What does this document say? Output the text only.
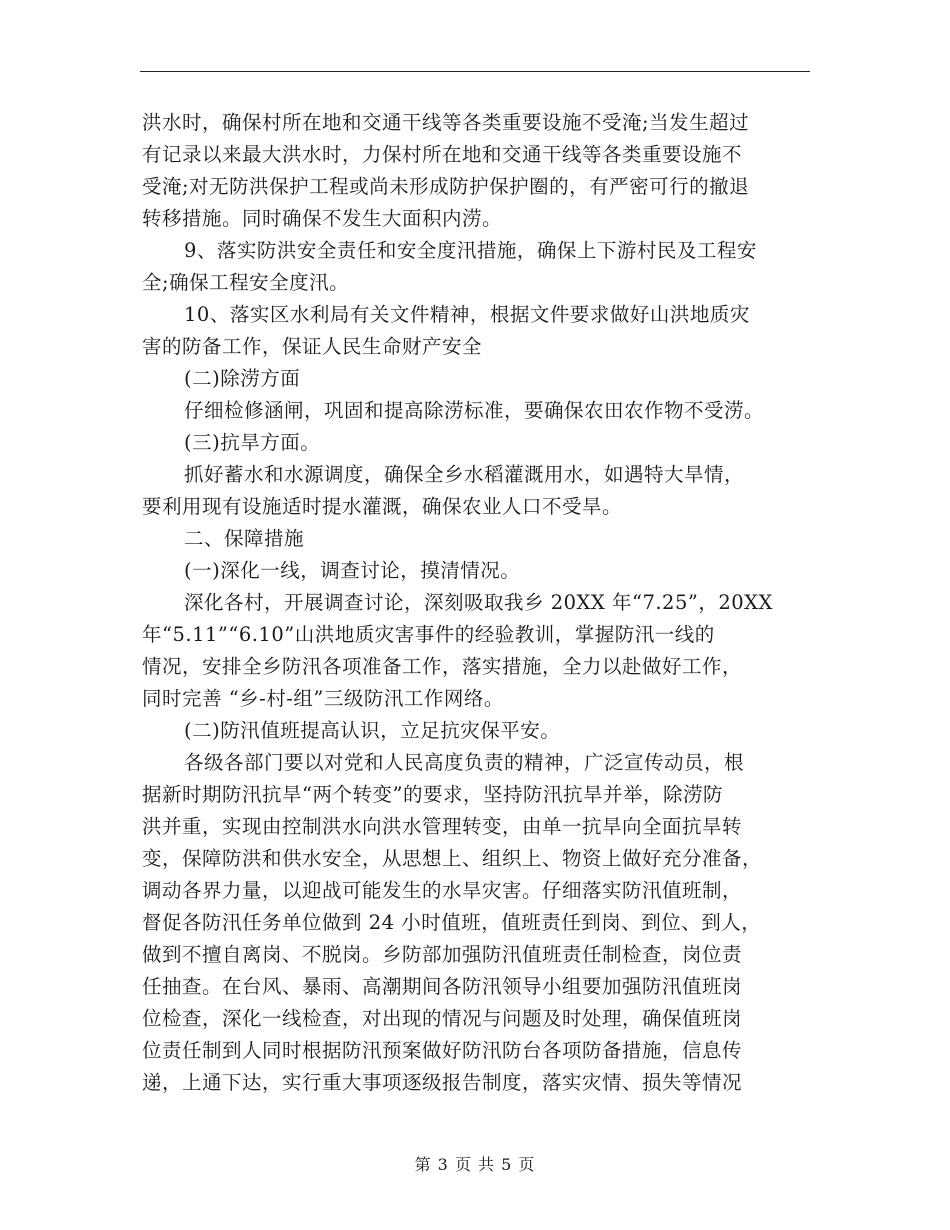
洪水时，确保村所在地和交通干线等各类重要设施不受淹;当发生超过
有记录以来最大洪水时，力保村所在地和交通干线等各类重要设施不
受淹;对无防洪保护工程或尚未形成防护保护圈的，有严密可行的撤退
转移措施。同时确保不发生大面积内涝。
9、落实防洪安全责任和安全度汛措施，确保上下游村民及工程安
全;确保工程安全度汛。
10、落实区水利局有关文件精神，根据文件要求做好山洪地质灾
害的防备工作，保证人民生命财产安全
(二)除涝方面
仔细检修涵闸，巩固和提高除涝标准，要确保农田农作物不受涝。
(三)抗旱方面。
抓好蓄水和水源调度，确保全乡水稻灌溉用水，如遇特大旱情，
要利用现有设施适时提水灌溉，确保农业人口不受旱。
二、保障措施
(一)深化一线，调查讨论，摸清情况。
深化各村，开展调查讨论，深刻吸取我乡 20XX 年“7.25”，20XX
年“5.11”“6.10”山洪地质灾害事件的经验教训，掌握防汛一线的
情况，安排全乡防汛各项准备工作，落实措施，全力以赴做好工作，
同时完善 “乡-村-组”三级防汛工作网络。
(二)防汛值班提高认识，立足抗灾保平安。
各级各部门要以对党和人民高度负责的精神，广泛宣传动员，根
据新时期防汛抗旱“两个转变”的要求，坚持防汛抗旱并举，除涝防
洪并重，实现由控制洪水向洪水管理转变，由单一抗旱向全面抗旱转
变，保障防洪和供水安全，从思想上、组织上、物资上做好充分准备，
调动各界力量，以迎战可能发生的水旱灾害。仔细落实防汛值班制，
督促各防汛任务单位做到 24 小时值班，值班责任到岗、到位、到人，
做到不擅自离岗、不脱岗。乡防部加强防汛值班责任制检查，岗位责
任抽查。在台风、暴雨、高潮期间各防汛领导小组要加强防汛值班岗
位检查，深化一线检查，对出现的情况与问题及时处理，确保值班岗
位责任制到人同时根据防汛预案做好防汛防台各项防备措施，信息传
递，上通下达，实行重大事项逐级报告制度，落实灾情、损失等情况
第 3 页 共 5 页
